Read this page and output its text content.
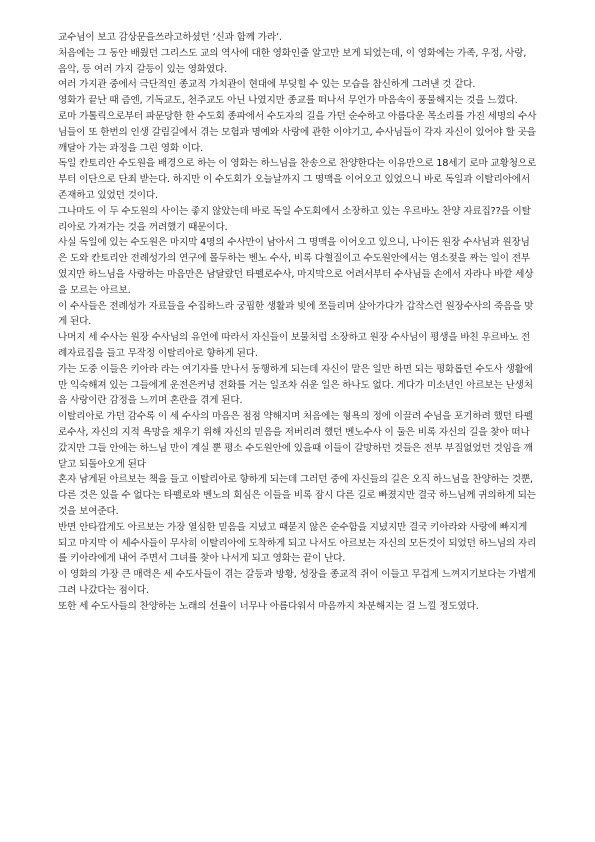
교수님이 보고 감상문을쓰라고하셨던 ‘신과 함께 가라’.

처음에는 그 동안 배웠던 그리스도 교의 역사에 대한 영화인줄 알고만 보게 되었는데, 이 영화에는 가족, 우정, 사랑, 음악, 등 여러 가지 갈등이 있는 영화였다.

여러 가지관 중에서 극단적인 종교적 가치관이 현대에 부딪힐 수 있는 모습을 참신하게 그려낸 것 같다.

영화가 끝난 때 즘엔, 기독교도, 천주교도 아닌 나였지만 종교를 떠나서 무언가 마음속이 풍물해지는 것을 느꼈다.

로마 가톨릭으로부터 파문당한 한 수도회 종파에서 수도자의 길을 가던 순수하고 아름다운 목소리를 가진 세명의 수사님들이 또 한번의 인생 갈림길에서 겪는 모험과 명예와 사랑에 관한 이야기고, 수사님들이 각자 자신이 있어야 할 곳을 깨달아 가는 과정을 그린 영화 이다.

독일 칸토리안 수도원을 배경으로 하는 이 영화는 하느님을 찬송으로 찬양한다는 이유만으로 18세기 로마 교황청으로부터 이단으로 단죄 받는다. 하지만 이 수도회가 오늘날까지 그 명맥을 이어오고 있었으니 바로 독일과 이탈리아에서 존재하고 있었던 것이다.

그나마도 이 두 수도원의 사이는 좋지 않았는데 바로 독일 수도회에서 소장하고 있는 우르바노 찬양 자료집??을 이탈리아로 가져가는 것을 꺼려했기 때문이다.

사실 독일에 있는 수도원은 마지막 4명의 수사만이 남아서 그 명맥을 이어오고 있으니, 나이든 원장 수사님과 원장님은 도와 칸토리안 전례성가의 연구에 몰두하는 벤노 수사, 비록 다혈질이고 수도원안에서는 염소젖을 짜는 일이 전부였지만 하느님을 사랑하는 마음만은 남달랐던 타펠로수사, 마지막으로 어려서부터 수사님들 손에서 자라나 바깥 세상을 모르는 아르보.

이 수사들은 전례성가 자료들을 수집하느라 궁핍한 생활과 빚에 쪼들리며 살아가다가 갑작스런 원장수사의 죽음을 맞게 된다.

나머지 세 수사는 원장 수사님의 유언에 따라서 자신들이 보물처럼 소장하고 원장 수사님이 평생을 바친 우르바노 전례자료집을 들고 무작정 이탈리아로 향하게 된다.

가는 도중 이들은 키아라 라는 여기자를 만나서 동행하게 되는데 자신이 맡은 일만 하면 되는 평화롭던 수도사 생활에만 익숙해져 있는 그들에게 운전은커녕 전화를 거는 일조차 쉬운 일은 하나도 없다. 게다가 미소년인 아르보는 난생처음 사랑이란 감정을 느끼며 혼란을 겪게 된다.

이탈리아로 가던 감수록 이 세 수사의 마음은 점점 약해지며 처음에는 형욕의 정에 이끌려 수님을 포기하려 했던 타펠로수사, 자신의 지적 욕망을 채우기 위해 자신의 믿음을 저버리려 했던 벤노수사 이 둘은 비록 자신의 길을 찾아 떠나갔지만 그들 안에는 하느님 만이 계실 뿐 평소 수도원안에 있을때 이들이 갈망하던 것들은 전부 부질없었던 것임을 깨닫고 되돌아오게 된다

혼자 남게된 아르보는 책을 들고 이탈리아로 향하게 되는데 그러던 중에 자신들의 길은 오직 하느님을 찬양하는 것뿐, 다른 것은 있을 수 없다는 타펠로와 벤노의 회심은 이들을 비록 잠시 다른 길로 빠졌지만 결국 하느님께 귀의하게 되는 것을 보여준다.

반면 안타깝게도 아르보는 가장 열심한 믿음을 지녔고 때묻지 않은 순수함을 지녔지만 결국 키아라와 사랑에 빠지게 되고 마지막 이 세수사들이 무사히 이탈리아에 도착하게 되고 나서도 아르보는 자신의 모든것이 되었던 하느님의 자리를 키아라에게 내어 주면서 그녀를 찾아 나서게 되고 영화는 끝이 난다.

이 영화의 가장 큰 매력은 세 수도사들이 겪는 갈등과 방황, 성장을 종교적 쥐이 이들고 무겁게 느껴지기보다는 가볍게 그려 나갔다는 점이다.

또한 세 수도사들의 찬양하는 노래의 선율이 너무나 아름다워서 마음까지 차분해지는 걸 느낄 정도였다.
